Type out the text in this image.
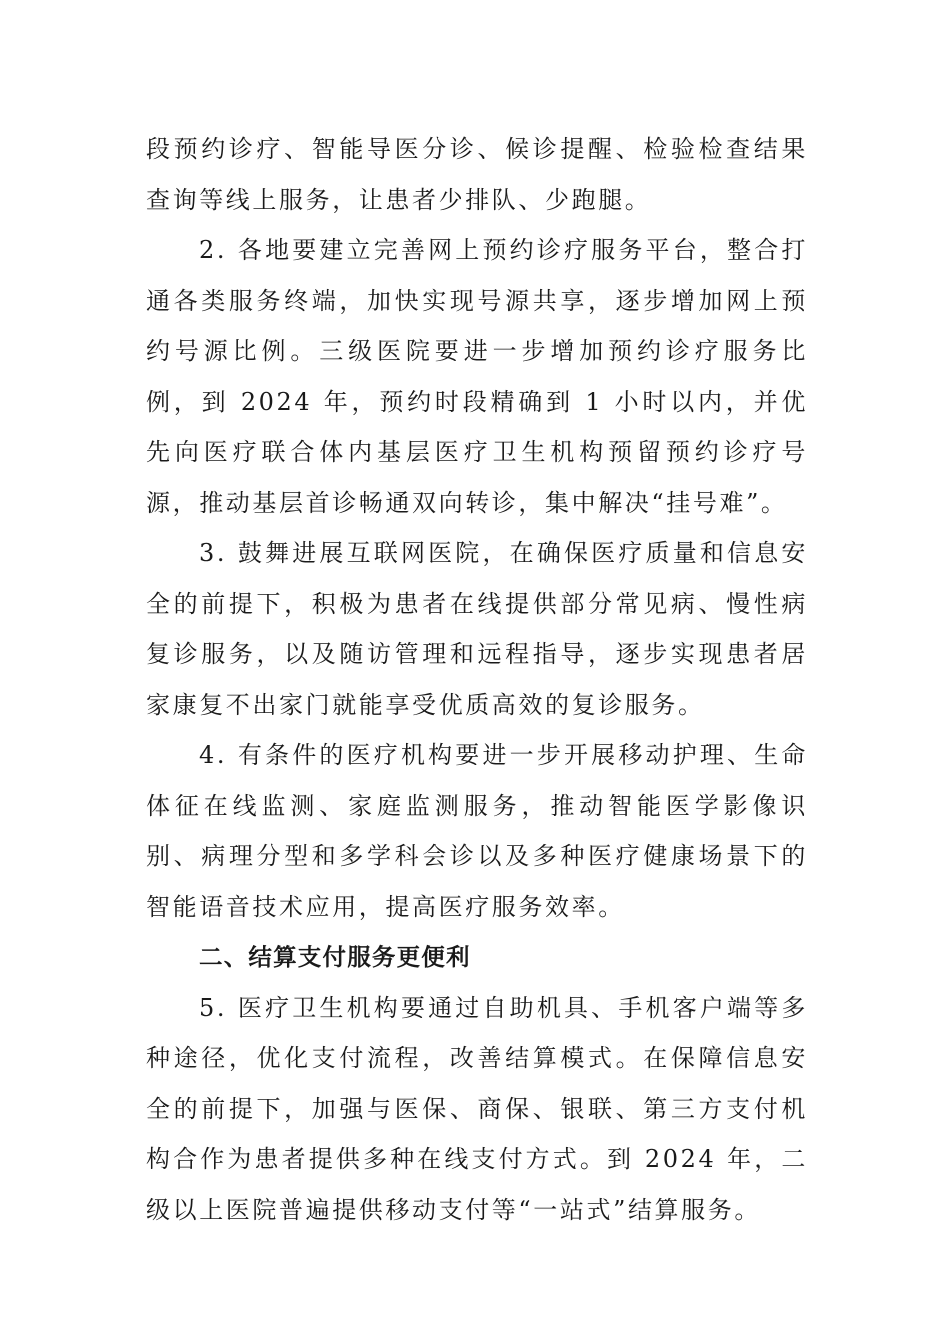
段预约诊疗、智能导医分诊、候诊提醒、检验检查结果查询等线上服务，让患者少排队、少跑腿。

2. 各地要建立完善网上预约诊疗服务平台，整合打通各类服务终端，加快实现号源共享，逐步增加网上预约号源比例。三级医院要进一步增加预约诊疗服务比例，到 2024 年，预约时段精确到 1 小时以内，并优先向医疗联合体内基层医疗卫生机构预留预约诊疗号源，推动基层首诊畅通双向转诊，集中解决“挂号难”。

3. 鼓舞进展互联网医院，在确保医疗质量和信息安全的前提下，积极为患者在线提供部分常见病、慢性病复诊服务，以及随访管理和远程指导，逐步实现患者居家康复不出家门就能享受优质高效的复诊服务。

4. 有条件的医疗机构要进一步开展移动护理、生命体征在线监测、家庭监测服务，推动智能医学影像识别、病理分型和多学科会诊以及多种医疗健康场景下的智能语音技术应用，提高医疗服务效率。

二、结算支付服务更便利

5. 医疗卫生机构要通过自助机具、手机客户端等多种途径，优化支付流程，改善结算模式。在保障信息安全的前提下，加强与医保、商保、银联、第三方支付机构合作为患者提供多种在线支付方式。到 2024 年，二级以上医院普遍提供移动支付等“一站式”结算服务。
